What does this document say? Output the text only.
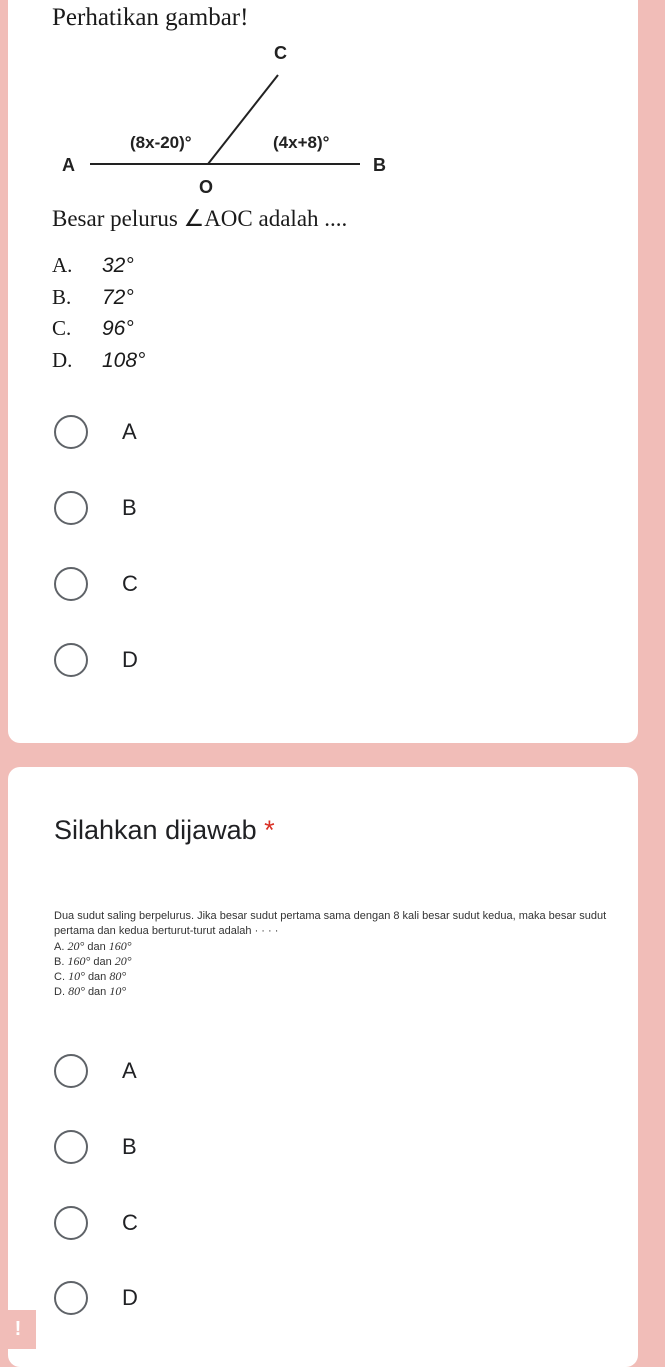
Perhatikan gambar!
A	B
C
O
(8x-20)°	(4x+8)°
Besar pelurus ∠AOC adalah ....
A. 32°
B. 72°
C. 96°
D. 108°
A
B
C
D
Silahkan dijawab *
Dua sudut saling berpelurus. Jika besar sudut pertama sama dengan 8 kali besar sudut kedua, maka besar sudut pertama dan kedua berturut-turut adalah · · · ·
A. 20° dan 160°
B. 160° dan 20°
C. 10° dan 80°
D. 80° dan 10°
A
B
C
D
!
